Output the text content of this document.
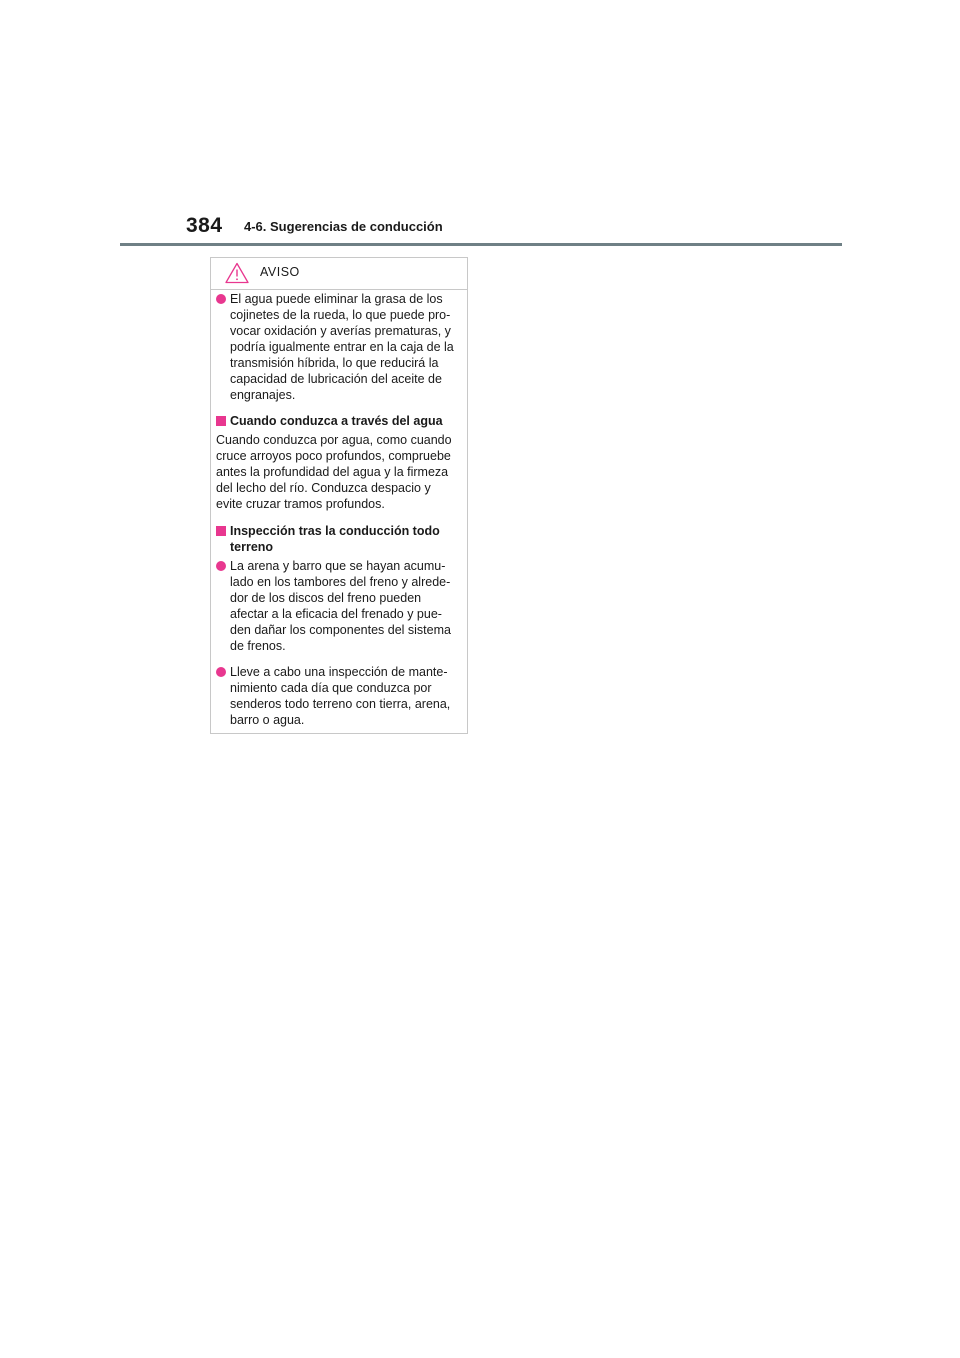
384 4-6. Sugerencias de conducción
AVISO
El agua puede eliminar la grasa de los
cojinetes de la rueda, lo que puede pro-
vocar oxidación y averías prematuras, y
podría igualmente entrar en la caja de la
transmisión híbrida, lo que reducirá la
capacidad de lubricación del aceite de
engranajes.
Cuando conduzca a través del agua
Cuando conduzca por agua, como cuando
cruce arroyos poco profundos, compruebe
antes la profundidad del agua y la firmeza
del lecho del río. Conduzca despacio y
evite cruzar tramos profundos.
Inspección tras la conducción todo
terreno
La arena y barro que se hayan acumu-
lado en los tambores del freno y alrede-
dor de los discos del freno pueden
afectar a la eficacia del frenado y pue-
den dañar los componentes del sistema
de frenos.
Lleve a cabo una inspección de mante-
nimiento cada día que conduzca por
senderos todo terreno con tierra, arena,
barro o agua.
